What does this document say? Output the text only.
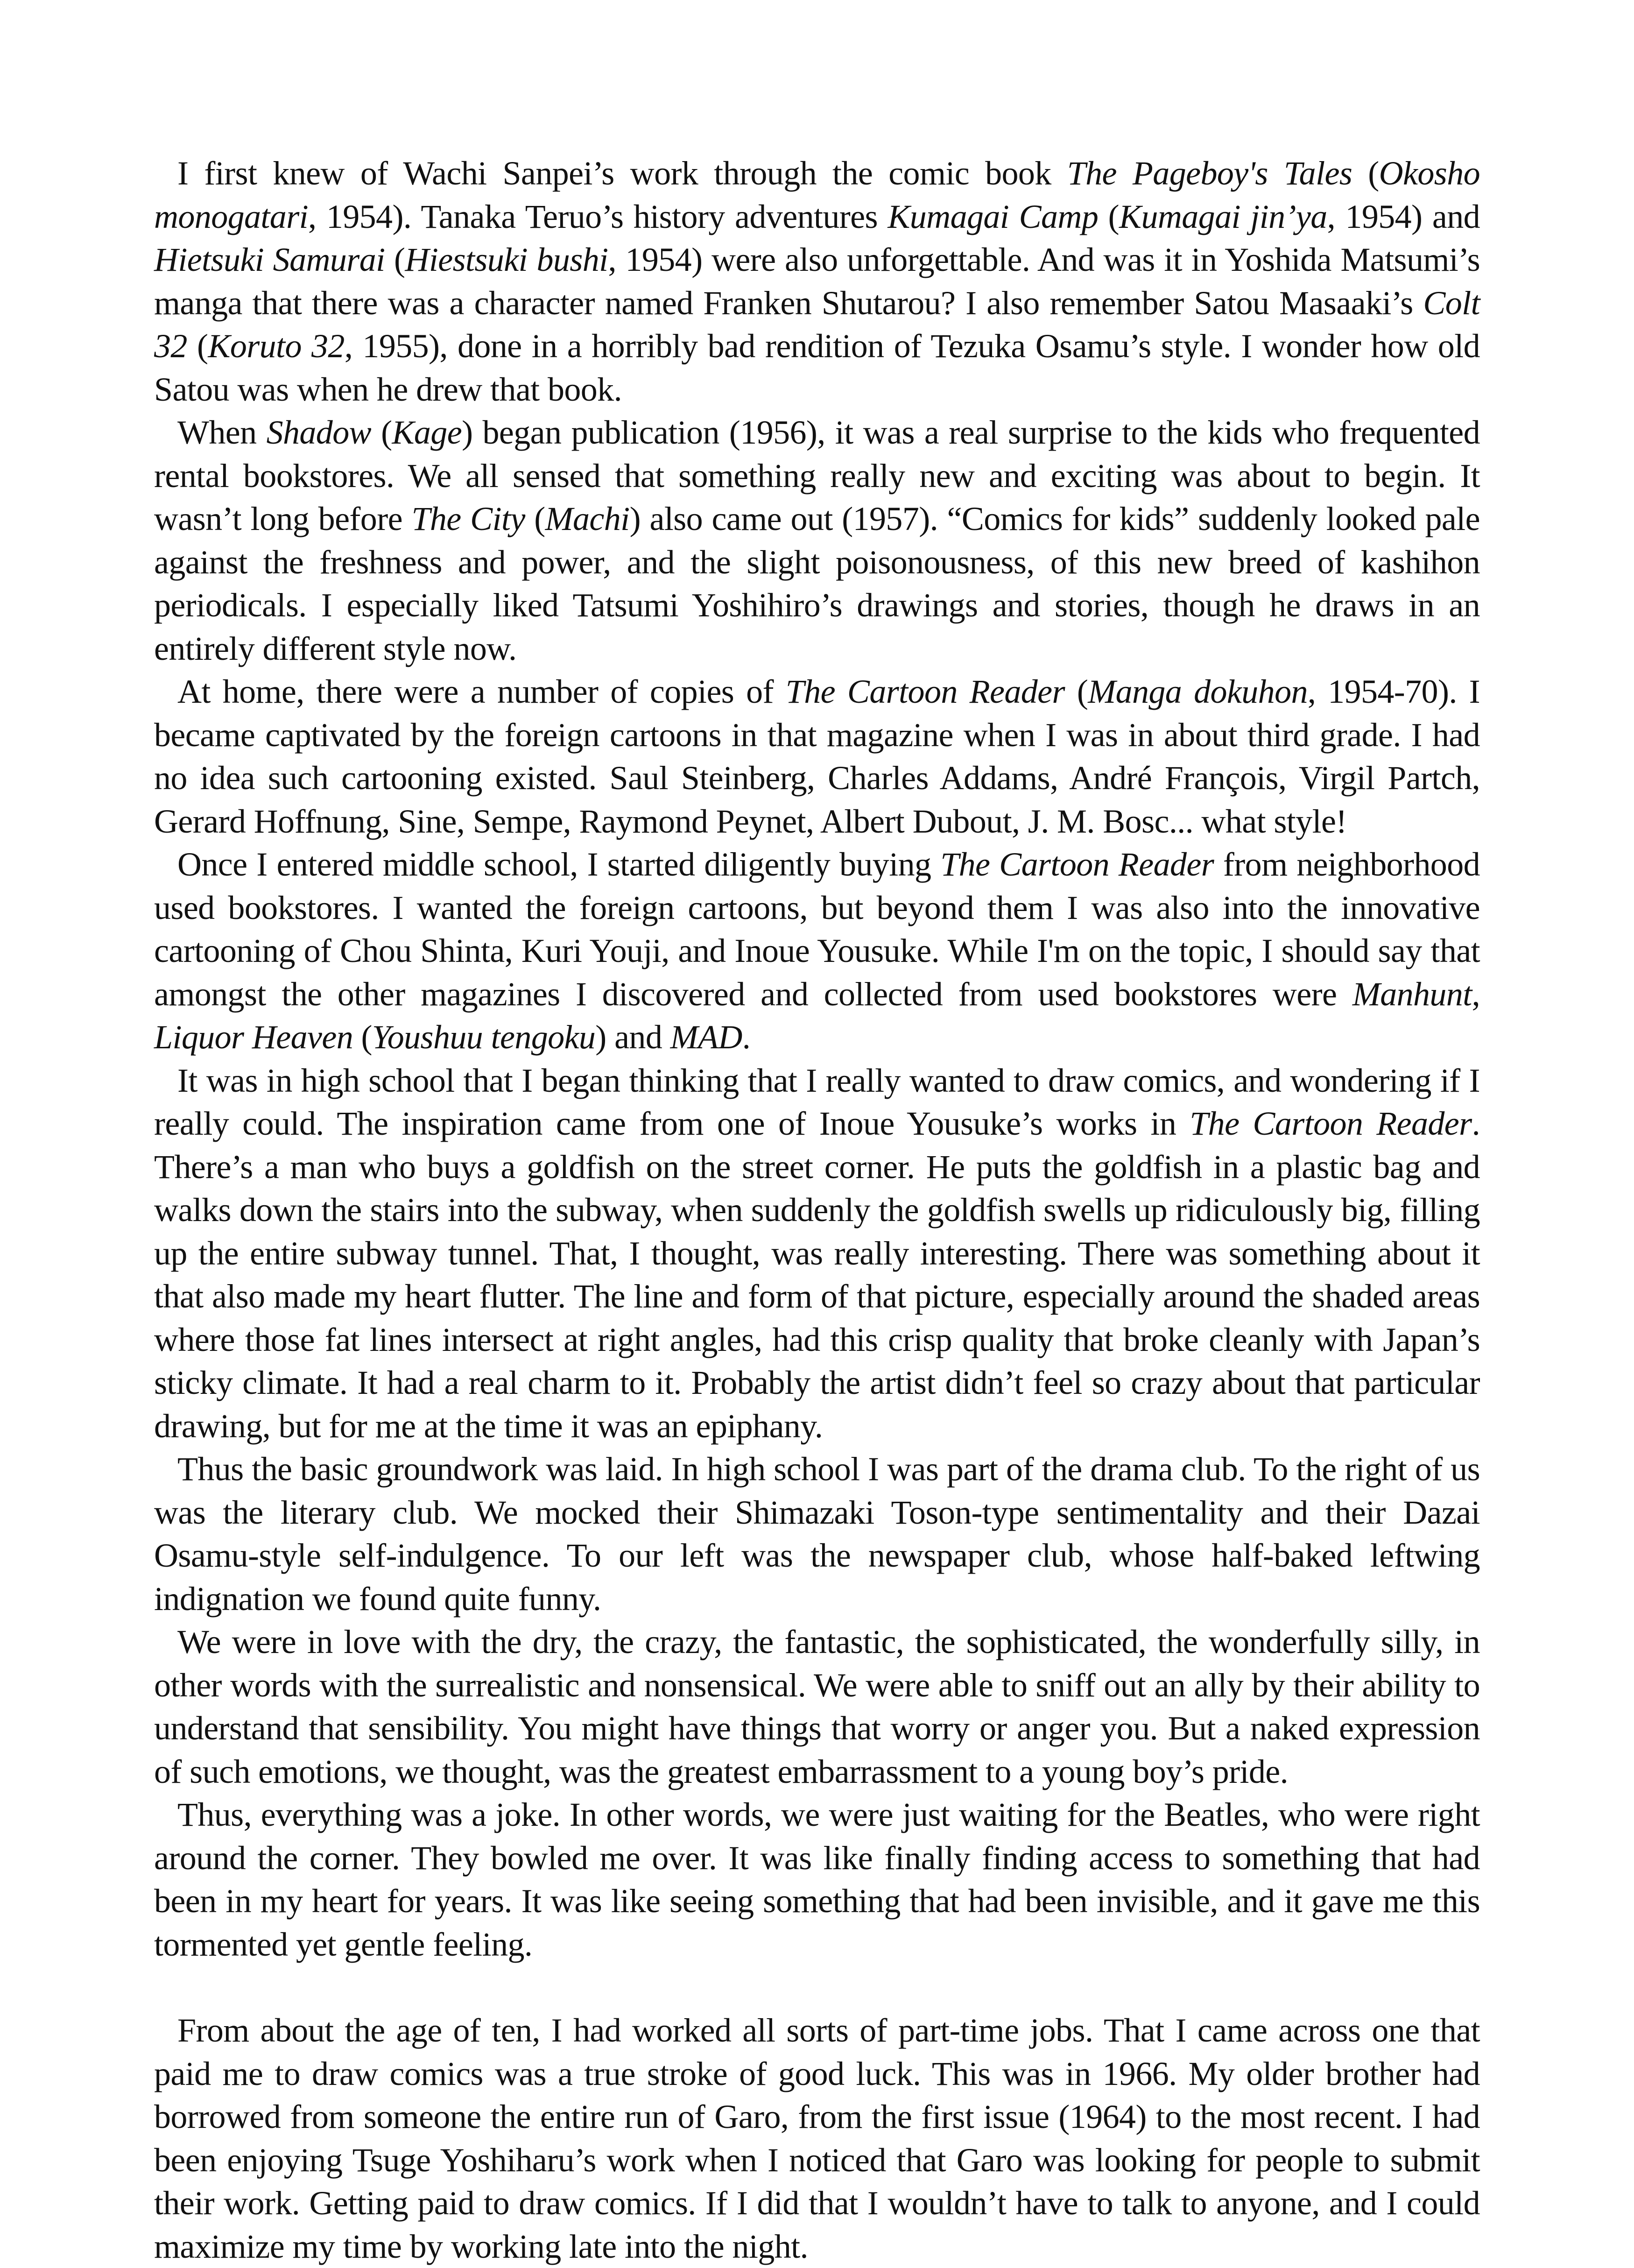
I first knew of Wachi Sanpei’s work through the comic book The Pageboy's Tales (Okosho monogatari, 1954). Tanaka Teruo’s history adventures Kumagai Camp (Kumagai jin’ya, 1954) and Hietsuki Samurai (Hiestsuki bushi, 1954) were also unforgettable. And was it in Yoshida Matsumi’s manga that there was a character named Franken Shutarou? I also remember Satou Masaaki’s Colt 32 (Koruto 32, 1955), done in a horribly bad rendition of Tezuka Osamu’s style. I wonder how old Satou was when he drew that book.

When Shadow (Kage) began publication (1956), it was a real surprise to the kids who frequented rental bookstores. We all sensed that something really new and exciting was about to begin. It wasn’t long before The City (Machi) also came out (1957). “Comics for kids” suddenly looked pale against the freshness and power, and the slight poisonousness, of this new breed of kashihon periodicals. I especially liked Tatsumi Yoshihiro’s drawings and stories, though he draws in an entirely different style now.

At home, there were a number of copies of The Cartoon Reader (Manga dokuhon, 1954-70). I became captivated by the foreign cartoons in that magazine when I was in about third grade. I had no idea such cartooning existed. Saul Steinberg, Charles Addams, André François, Virgil Partch, Gerard Hoffnung, Sine, Sempe, Raymond Peynet, Albert Dubout, J. M. Bosc... what style!

Once I entered middle school, I started diligently buying The Cartoon Reader from neighborhood used bookstores. I wanted the foreign cartoons, but beyond them I was also into the innovative cartooning of Chou Shinta, Kuri Youji, and Inoue Yousuke. While I'm on the topic, I should say that amongst the other magazines I discovered and collected from used bookstores were Manhunt, Liquor Heaven (Youshuu tengoku) and MAD.

It was in high school that I began thinking that I really wanted to draw comics, and wondering if I really could. The inspiration came from one of Inoue Yousuke’s works in The Cartoon Reader. There’s a man who buys a goldfish on the street corner. He puts the goldfish in a plastic bag and walks down the stairs into the subway, when suddenly the goldfish swells up ridiculously big, filling up the entire subway tunnel. That, I thought, was really interesting. There was something about it that also made my heart flutter. The line and form of that picture, especially around the shaded areas where those fat lines intersect at right angles, had this crisp quality that broke cleanly with Japan’s sticky climate. It had a real charm to it. Probably the artist didn’t feel so crazy about that particular drawing, but for me at the time it was an epiphany.

Thus the basic groundwork was laid. In high school I was part of the drama club. To the right of us was the literary club. We mocked their Shimazaki Toson-type sentimentality and their Dazai Osamu-style self-indulgence. To our left was the newspaper club, whose half-baked leftwing indignation we found quite funny.

We were in love with the dry, the crazy, the fantastic, the sophisticated, the wonderfully silly, in other words with the surrealistic and nonsensical. We were able to sniff out an ally by their ability to understand that sensibility. You might have things that worry or anger you. But a naked expression of such emotions, we thought, was the greatest embarrassment to a young boy’s pride.

Thus, everything was a joke. In other words, we were just waiting for the Beatles, who were right around the corner. They bowled me over. It was like finally finding access to something that had been in my heart for years. It was like seeing something that had been invisible, and it gave me this tormented yet gentle feeling.

From about the age of ten, I had worked all sorts of part-time jobs. That I came across one that paid me to draw comics was a true stroke of good luck. This was in 1966. My older brother had borrowed from someone the entire run of Garo, from the first issue (1964) to the most recent. I had been enjoying Tsuge Yoshiharu’s work when I noticed that Garo was looking for people to submit their work. Getting paid to draw comics. If I did that I wouldn’t have to talk to anyone, and I could maximize my time by working late into the night.
